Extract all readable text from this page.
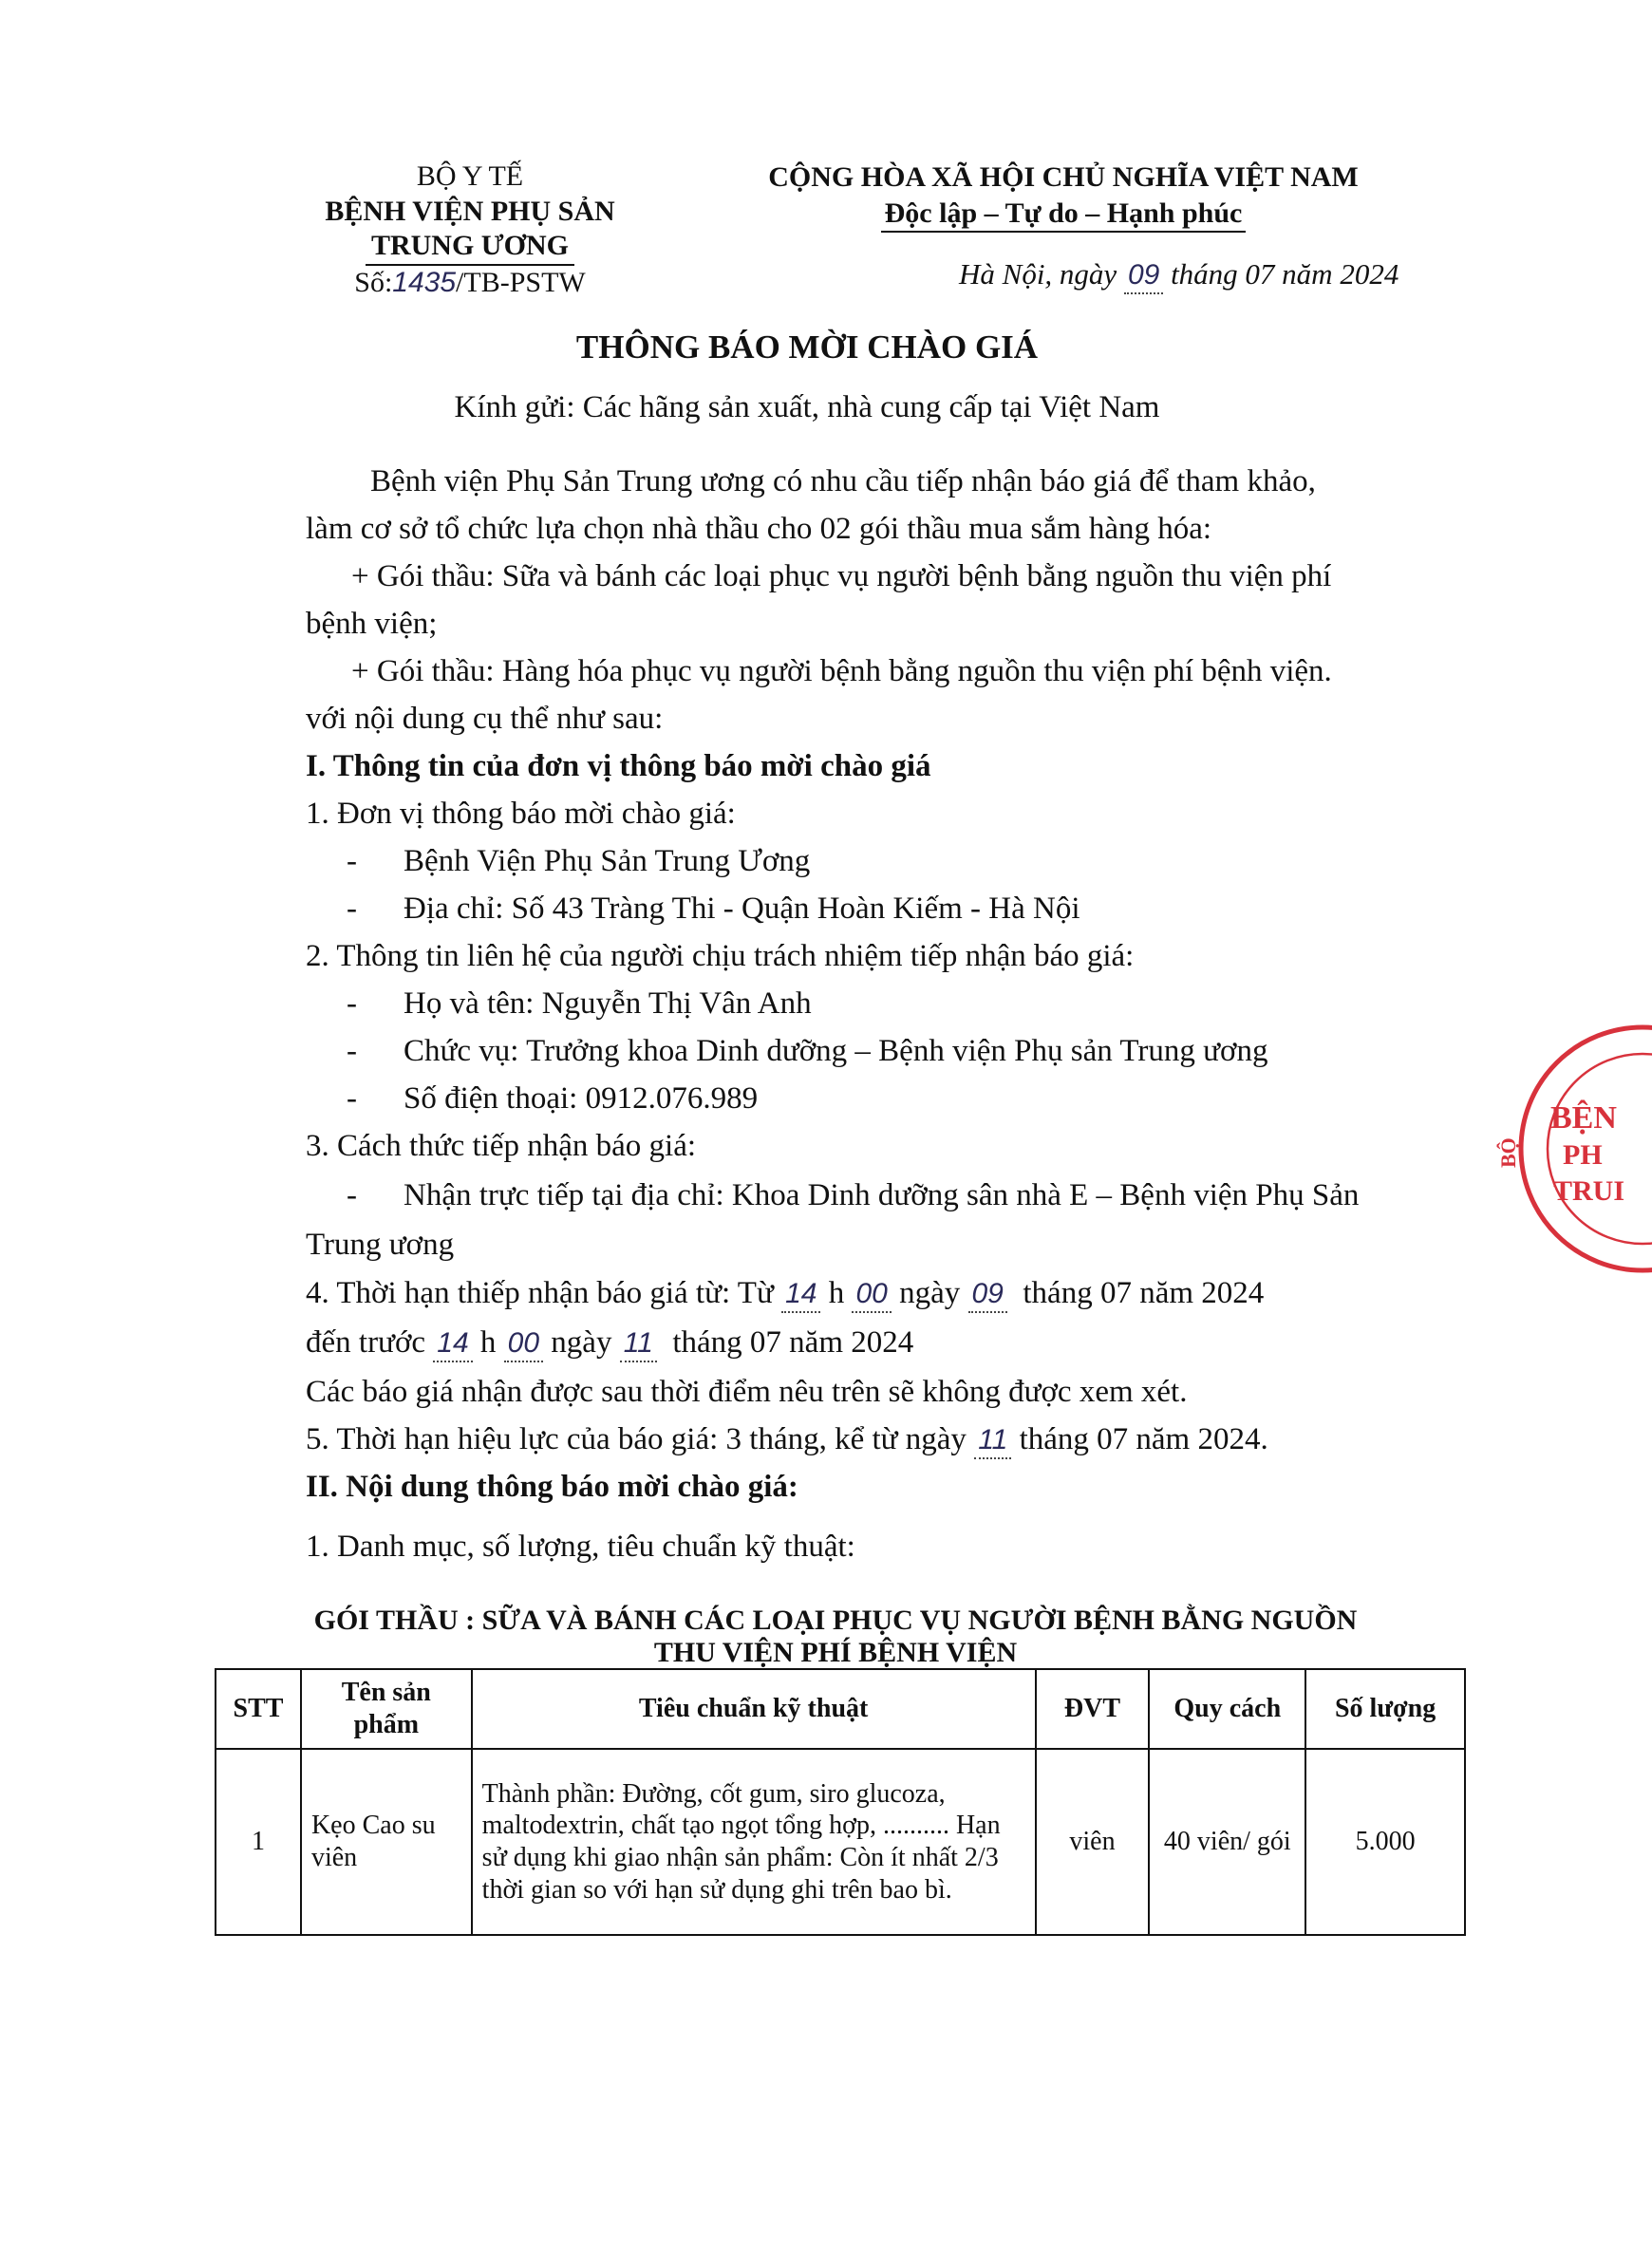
BỘ Y TẾ
BỆNH VIỆN PHỤ SẢN
TRUNG ƯƠNG
Số:1435/TB-PSTW
CỘNG HÒA XÃ HỘI CHỦ NGHĨA VIỆT NAM
Độc lập – Tự do – Hạnh phúc
Hà Nội, ngày 09 tháng 07 năm 2024
THÔNG BÁO MỜI CHÀO GIÁ
Kính gửi: Các hãng sản xuất, nhà cung cấp tại Việt Nam
Bệnh viện Phụ Sản Trung ương có nhu cầu tiếp nhận báo giá để tham khảo,
làm cơ sở tổ chức lựa chọn nhà thầu cho 02 gói thầu mua sắm hàng hóa:
+ Gói thầu: Sữa và bánh các loại phục vụ người bệnh bằng nguồn thu viện phí
bệnh viện;
+ Gói thầu: Hàng hóa phục vụ người bệnh bằng nguồn thu viện phí bệnh viện.
với nội dung cụ thể như sau:
I. Thông tin của đơn vị thông báo mời chào giá
1. Đơn vị thông báo mời chào giá:
- Bệnh Viện Phụ Sản Trung Ương
- Địa chỉ: Số 43 Tràng Thi - Quận Hoàn Kiếm - Hà Nội
2. Thông tin liên hệ của người chịu trách nhiệm tiếp nhận báo giá:
- Họ và tên: Nguyễn Thị Vân Anh
- Chức vụ: Trưởng khoa Dinh dưỡng – Bệnh viện Phụ sản Trung ương
- Số điện thoại: 0912.076.989
3. Cách thức tiếp nhận báo giá:
- Nhận trực tiếp tại địa chỉ: Khoa Dinh dưỡng sân nhà E – Bệnh viện Phụ Sản
Trung ương
4. Thời hạn thiếp nhận báo giá từ: Từ 14 h 00 ngày 09 tháng 07 năm 2024
đến trước 14 h 00 ngày 11 tháng 07 năm 2024
Các báo giá nhận được sau thời điểm nêu trên sẽ không được xem xét.
5. Thời hạn hiệu lực của báo giá: 3 tháng, kể từ ngày 11 tháng 07 năm 2024.
II. Nội dung thông báo mời chào giá:
1. Danh mục, số lượng, tiêu chuẩn kỹ thuật:
GÓI THẦU : SỮA VÀ BÁNH CÁC LOẠI PHỤC VỤ NGƯỜI BỆNH BẰNG NGUỒN
THU VIỆN PHÍ BỆNH VIỆN
STT	Tên sản phẩm	Tiêu chuẩn kỹ thuật	ĐVT	Quy cách	Số lượng
1	Kẹo Cao su viên	Thành phần: Đường, cốt gum, siro glucoza, maltodextrin, chất tạo ngọt tổng hợp, .......... Hạn sử dụng khi giao nhận sản phẩm: Còn ít nhất 2/3 thời gian so với hạn sử dụng ghi trên bao bì.	viên	40 viên/ gói	5.000
BỆN
PH
TRUI
BỘ
